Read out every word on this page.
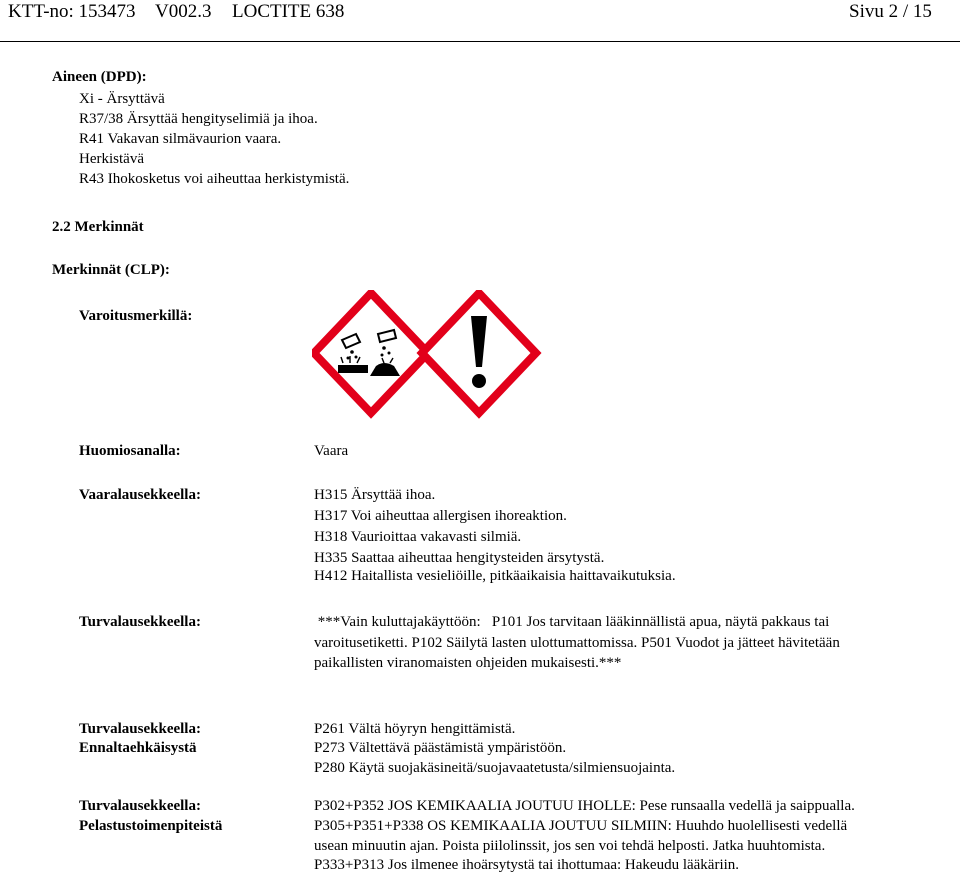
KTT-no: 153473 V002.3 LOCTITE 638	Sivu 2 / 15
Aineen (DPD):
Xi - Ärsyttävä
R37/38 Ärsyttää hengityselimiä ja ihoa.
R41 Vakavan silmävaurion vaara.
Herkistävä
R43 Ihokosketus voi aiheuttaa herkistymistä.
2.2 Merkinnät
Merkinnät (CLP):
Varoitusmerkillä:
Huomiosanalla:	Vaara
Vaaralausekkeella:	H315 Ärsyttää ihoa.
H317 Voi aiheuttaa allergisen ihoreaktion.
H318 Vaurioittaa vakavasti silmiä.
H335 Saattaa aiheuttaa hengitysteiden ärsytystä.
H412 Haitallista vesieliöille, pitkäaikaisia haittavaikutuksia.
Turvalausekkeella:	***Vain kuluttajakäyttöön:   P101 Jos tarvitaan lääkinnällistä apua, näytä pakkaus tai
varoitusetiketti. P102 Säilytä lasten ulottumattomissa. P501 Vuodot ja jätteet hävitetään
paikallisten viranomaisten ohjeiden mukaisesti.***
Turvalausekkeella:
Ennaltaehkäisystä
P261 Vältä höyryn hengittämistä.
P273 Vältettävä päästämistä ympäristöön.
P280 Käytä suojakäsineitä/suojavaatetusta/silmiensuojainta.
Turvalausekkeella:
Pelastustoimenpiteistä
P302+P352 JOS KEMIKAALIA JOUTUU IHOLLE: Pese runsaalla vedellä ja saippualla.
P305+P351+P338 OS KEMIKAALIA JOUTUU SILMIIN: Huuhdo huolellisesti vedellä
usean minuutin ajan. Poista piilolinssit, jos sen voi tehdä helposti. Jatka huuhtomista.
P333+P313 Jos ilmenee ihoärsytystä tai ihottumaa: Hakeudu lääkäriin.
